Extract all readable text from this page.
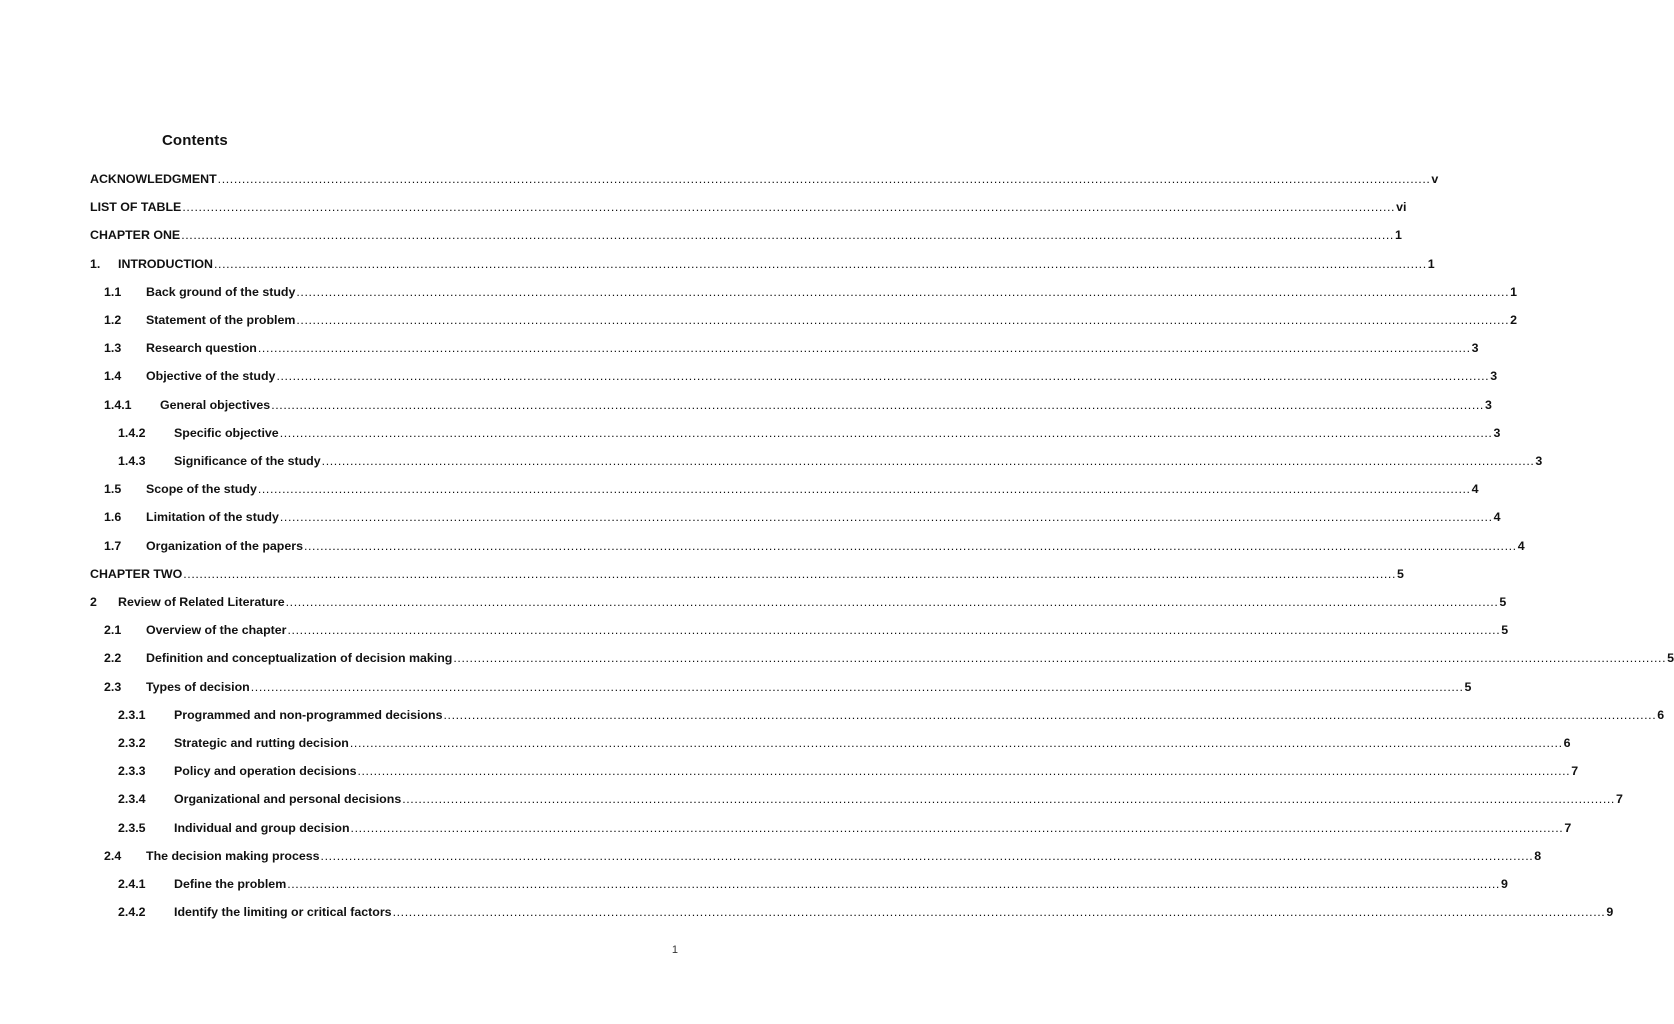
Contents
ACKNOWLEDGMENT ............................................................................................................................................................................................................................................................................................................ v
LIST OF TABLE ............................................................................................................................................................................................................................................................................................................ vi
CHAPTER ONE ............................................................................................................................................................................................................................................................................................................ 1
1. INTRODUCTION ............................................................................................................................................................................................................................................................................................................ 1
1.1 Back ground of the study ............................................................................................................................................................................................................................................................................................................ 1
1.2 Statement of the problem ............................................................................................................................................................................................................................................................................................................ 2
1.3 Research question ............................................................................................................................................................................................................................................................................................................ 3
1.4 Objective of the study ............................................................................................................................................................................................................................................................................................................ 3
1.4.1 General objectives ............................................................................................................................................................................................................................................................................................................ 3
1.4.2 Specific objective ............................................................................................................................................................................................................................................................................................................ 3
1.4.3 Significance of the study ............................................................................................................................................................................................................................................................................................................ 3
1.5 Scope of the study ............................................................................................................................................................................................................................................................................................................ 4
1.6 Limitation of the study ............................................................................................................................................................................................................................................................................................................ 4
1.7 Organization of the papers ............................................................................................................................................................................................................................................................................................................ 4
CHAPTER TWO ............................................................................................................................................................................................................................................................................................................ 5
2 Review of Related Literature ............................................................................................................................................................................................................................................................................................................ 5
2.1 Overview of the chapter ............................................................................................................................................................................................................................................................................................................ 5
2.2 Definition and conceptualization of decision making ............................................................................................................................................................................................................................................................................................................ 5
2.3 Types of decision ............................................................................................................................................................................................................................................................................................................ 5
2.3.1 Programmed and non-programmed decisions ............................................................................................................................................................................................................................................................................................................ 6
2.3.2 Strategic and rutting decision ............................................................................................................................................................................................................................................................................................................ 6
2.3.3 Policy and operation decisions ............................................................................................................................................................................................................................................................................................................ 7
2.3.4 Organizational and personal decisions ............................................................................................................................................................................................................................................................................................................ 7
2.3.5 Individual and group decision ............................................................................................................................................................................................................................................................................................................ 7
2.4 The decision making process ............................................................................................................................................................................................................................................................................................................ 8
2.4.1 Define the problem ............................................................................................................................................................................................................................................................................................................ 9
2.4.2 Identify the limiting or critical factors ............................................................................................................................................................................................................................................................................................................ 9
1
